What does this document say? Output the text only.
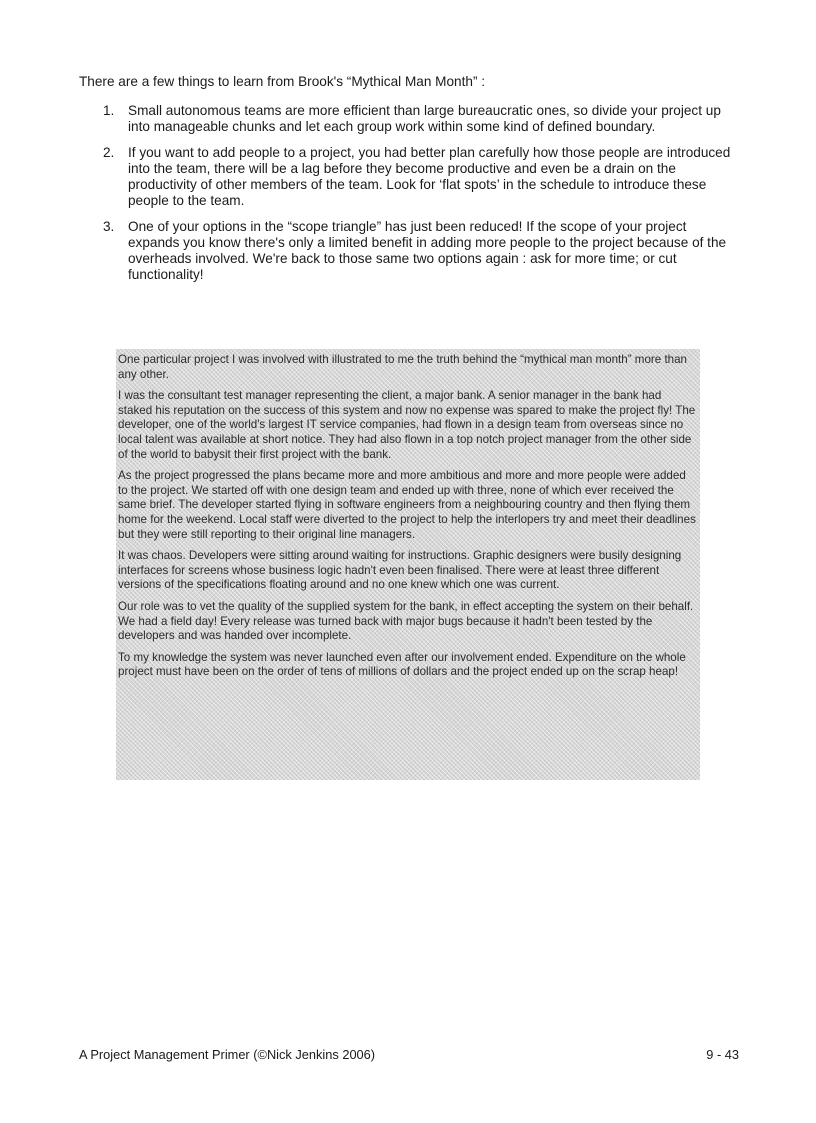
There are a few things to learn from Brook's “Mythical Man Month” :

1. Small autonomous teams are more efficient than large bureaucratic ones, so divide your project up into manageable chunks and let each group work within some kind of defined boundary.
2. If you want to add people to a project, you had better plan carefully how those people are introduced into the team, there will be a lag before they become productive and even be a drain on the productivity of other members of the team. Look for ‘flat spots’ in the schedule to introduce these people to the team.
3. One of your options in the “scope triangle” has just been reduced! If the scope of your project expands you know there's only a limited benefit in adding more people to the project because of the overheads involved. We're back to those same two options again : ask for more time; or cut functionality!

One particular project I was involved with illustrated to me the truth behind the “mythical man month” more than any other.

I was the consultant test manager representing the client, a major bank. A senior manager in the bank had staked his reputation on the success of this system and now no expense was spared to make the project fly! The developer, one of the world's largest IT service companies, had flown in a design team from overseas since no local talent was available at short notice. They had also flown in a top notch project manager from the other side of the world to babysit their first project with the bank.

As the project progressed the plans became more and more ambitious and more and more people were added to the project. We started off with one design team and ended up with three, none of which ever received the same brief. The developer started flying in software engineers from a neighbouring country and then flying them home for the weekend. Local staff were diverted to the project to help the interlopers try and meet their deadlines but they were still reporting to their original line managers.

It was chaos. Developers were sitting around waiting for instructions. Graphic designers were busily designing interfaces for screens whose business logic hadn't even been finalised. There were at least three different versions of the specifications floating around and no one knew which one was current.

Our role was to vet the quality of the supplied system for the bank, in effect accepting the system on their behalf. We had a field day! Every release was turned back with major bugs because it hadn't been tested by the developers and was handed over incomplete.

To my knowledge the system was never launched even after our involvement ended. Expenditure on the whole project must have been on the order of tens of millions of dollars and the project ended up on the scrap heap!

A Project Management Primer (©Nick Jenkins 2006)	9 - 43
